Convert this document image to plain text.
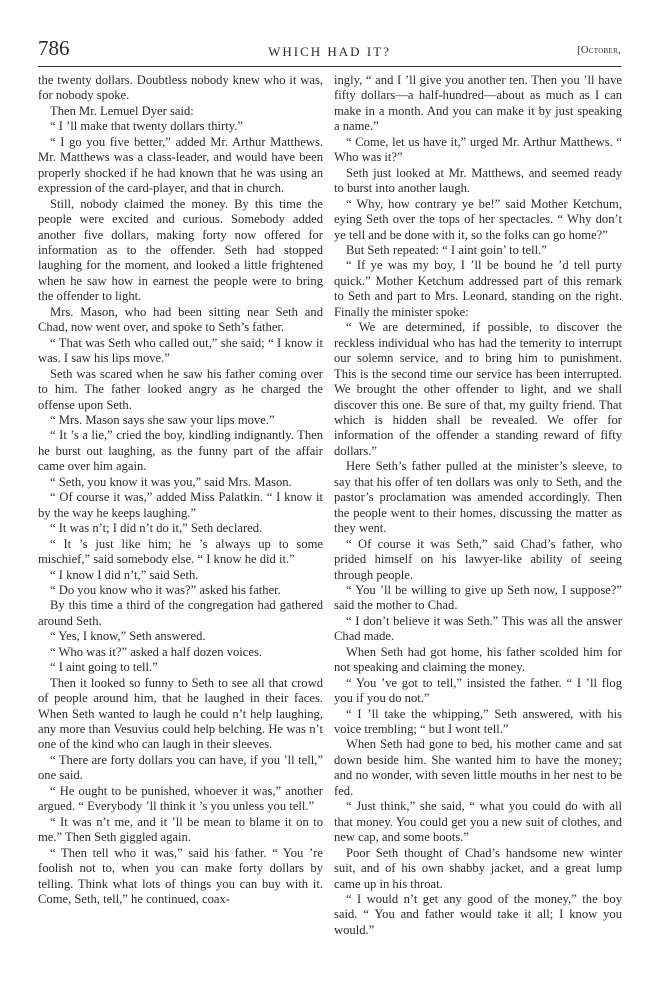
786	WHICH HAD IT?	[October,

the twenty dollars. Doubtless nobody knew who it was, for nobody spoke.

Then Mr. Lemuel Dyer said:

“ I ’ll make that twenty dollars thirty.”

“ I go you five better,” added Mr. Arthur Matthews. Mr. Matthews was a class-leader, and would have been properly shocked if he had known that he was using an expression of the card-player, and that in church.

Still, nobody claimed the money. By this time the people were excited and curious. Somebody added another five dollars, making forty now offered for information as to the offender. Seth had stopped laughing for the moment, and looked a little frightened when he saw how in earnest the people were to bring the offender to light.

Mrs. Mason, who had been sitting near Seth and Chad, now went over, and spoke to Seth’s father.

“ That was Seth who called out,” she said; “ I know it was. I saw his lips move.”

Seth was scared when he saw his father coming over to him. The father looked angry as he charged the offense upon Seth.

“ Mrs. Mason says she saw your lips move.”

“ It ’s a lie,” cried the boy, kindling indignantly. Then he burst out laughing, as the funny part of the affair came over him again.

“ Seth, you know it was you,” said Mrs. Mason.

“ Of course it was,” added Miss Palatkin. “ I know it by the way he keeps laughing.”

“ It was n’t; I did n’t do it,” Seth declared.

“ It ’s just like him; he ’s always up to some mischief,” said somebody else. “ I know he did it.”

“ I know I did n’t,” said Seth.

“ Do you know who it was?” asked his father.

By this time a third of the congregation had gathered around Seth.

“ Yes, I know,” Seth answered.

“ Who was it?” asked a half dozen voices.

“ I aint going to tell.”

Then it looked so funny to Seth to see all that crowd of people around him, that he laughed in their faces. When Seth wanted to laugh he could n’t help laughing, any more than Vesuvius could help belching. He was n’t one of the kind who can laugh in their sleeves.

“ There are forty dollars you can have, if you ’ll tell,” one said.

“ He ought to be punished, whoever it was,” another argued. “ Everybody ’ll think it ’s you unless you tell.”

“ It was n’t me, and it ’ll be mean to blame it on to me.” Then Seth giggled again.

“ Then tell who it was,” said his father. “ You ’re foolish not to, when you can make forty dollars by telling. Think what lots of things you can buy with it. Come, Seth, tell,” he continued, coax-

ingly, “ and I ’ll give you another ten. Then you ’ll have fifty dollars—a half-hundred—about as much as I can make in a month. And you can make it by just speaking a name.”

“ Come, let us have it,” urged Mr. Arthur Matthews. “ Who was it?”

Seth just looked at Mr. Matthews, and seemed ready to burst into another laugh.

“ Why, how contrary ye be!” said Mother Ketchum, eying Seth over the tops of her spectacles. “ Why don’t ye tell and be done with it, so the folks can go home?”

But Seth repeated: “ I aint goin’ to tell.”

“ If ye was my boy, I ’ll be bound he ’d tell purty quick.” Mother Ketchum addressed part of this remark to Seth and part to Mrs. Leonard, standing on the right. Finally the minister spoke:

“ We are determined, if possible, to discover the reckless individual who has had the temerity to interrupt our solemn service, and to bring him to punishment. This is the second time our service has been interrupted. We brought the other offender to light, and we shall discover this one. Be sure of that, my guilty friend. That which is hidden shall be revealed. We offer for information of the offender a standing reward of fifty dollars.”

Here Seth’s father pulled at the minister’s sleeve, to say that his offer of ten dollars was only to Seth, and the pastor’s proclamation was amended accordingly. Then the people went to their homes, discussing the matter as they went.

“ Of course it was Seth,” said Chad’s father, who prided himself on his lawyer-like ability of seeing through people.

“ You ’ll be willing to give up Seth now, I suppose?” said the mother to Chad.

“ I don’t believe it was Seth.” This was all the answer Chad made.

When Seth had got home, his father scolded him for not speaking and claiming the money.

“ You ’ve got to tell,” insisted the father. “ I ’ll flog you if you do not.”

“ I ’ll take the whipping,” Seth answered, with his voice trembling; “ but I wont tell.”

When Seth had gone to bed, his mother came and sat down beside him. She wanted him to have the money; and no wonder, with seven little mouths in her nest to be fed.

“ Just think,” she said, “ what you could do with all that money. You could get you a new suit of clothes, and new cap, and some boots.”

Poor Seth thought of Chad’s handsome new winter suit, and of his own shabby jacket, and a great lump came up in his throat.

“ I would n’t get any good of the money,” the boy said. “ You and father would take it all; I know you would.”
